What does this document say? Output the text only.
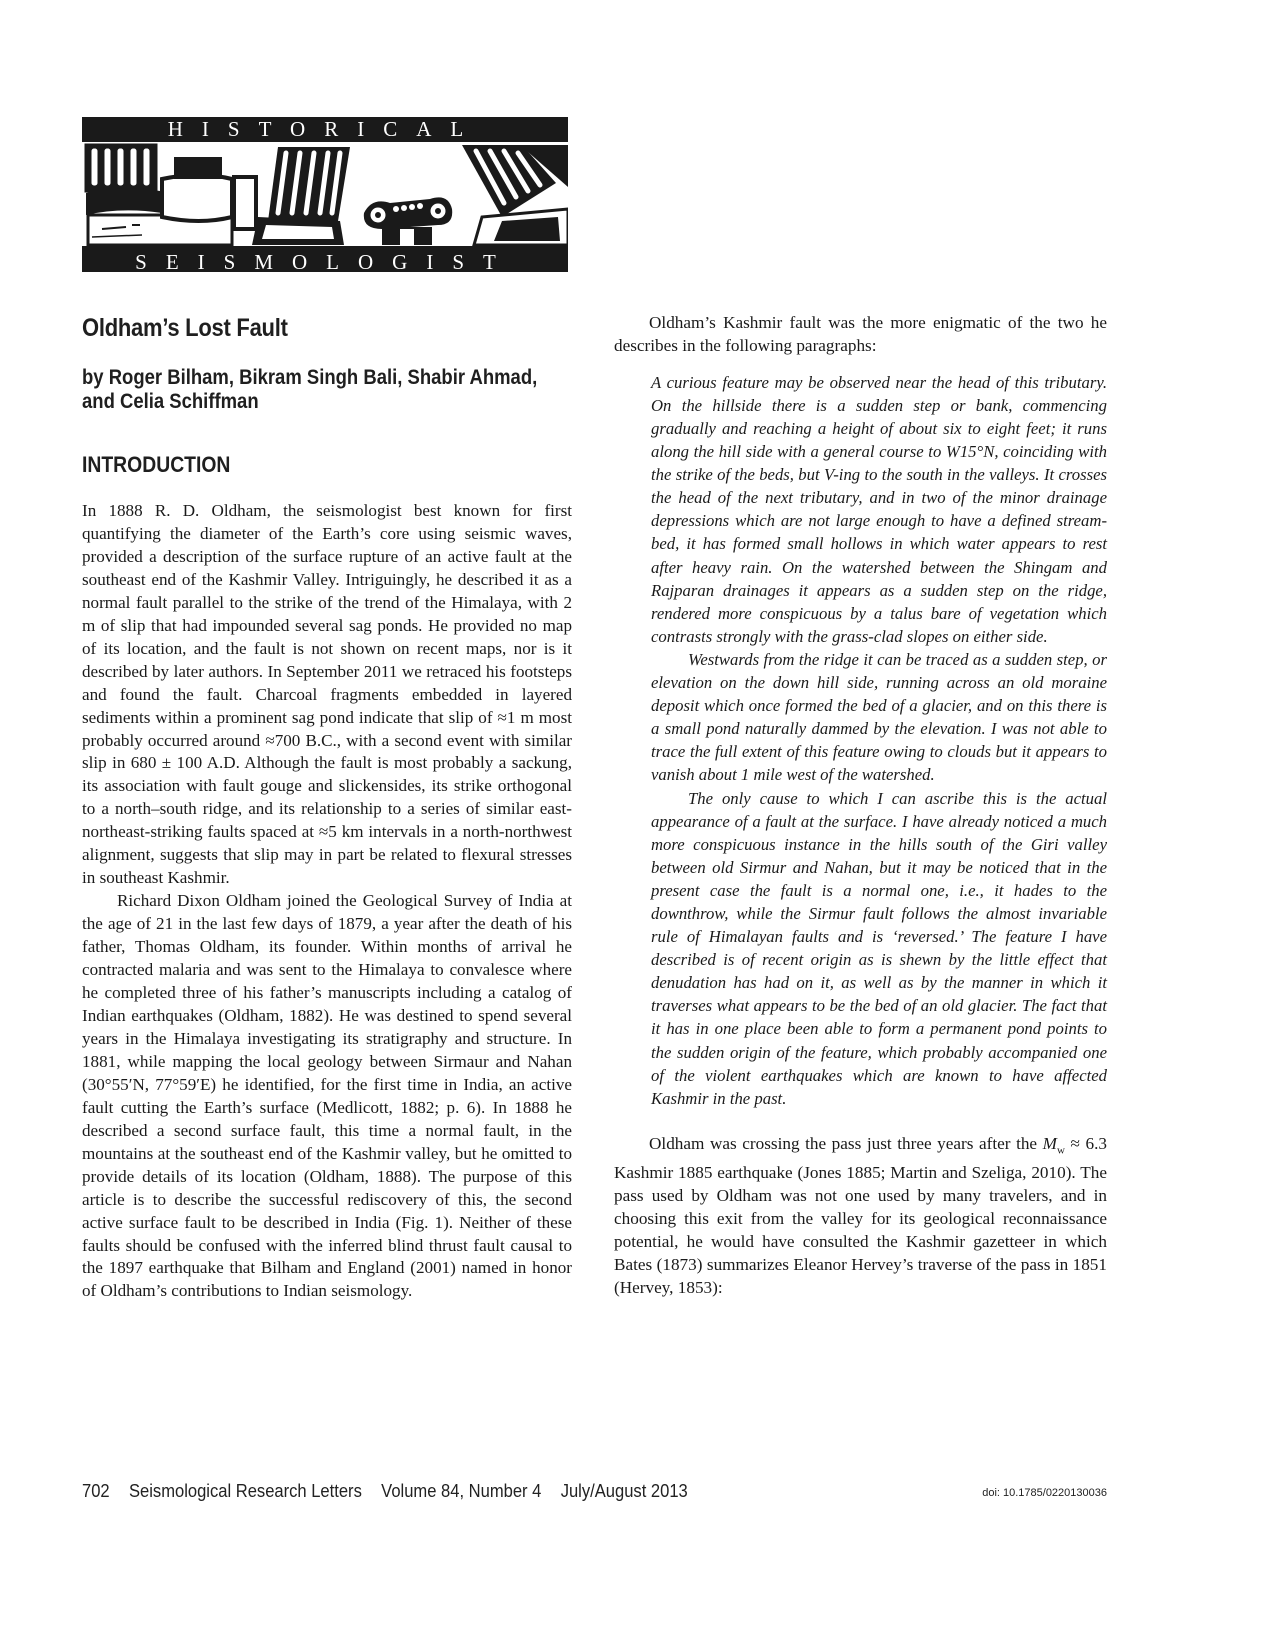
HISTORICAL
SEISMOLOGIST
Oldham’s Lost Fault
by Roger Bilham, Bikram Singh Bali, Shabir Ahmad, and Celia Schiffman
INTRODUCTION

In 1888 R. D. Oldham, the seismologist best known for first quantifying the diameter of the Earth’s core using seismic waves, provided a description of the surface rupture of an active fault at the southeast end of the Kashmir Valley. Intriguingly, he described it as a normal fault parallel to the strike of the trend of the Himalaya, with 2 m of slip that had impounded several sag ponds. He provided no map of its location, and the fault is not shown on recent maps, nor is it described by later authors. In September 2011 we retraced his footsteps and found the fault. Charcoal fragments embedded in layered sediments within a prominent sag pond indicate that slip of ≈1 m most probably occurred around ≈700 B.C., with a second event with similar slip in 680 ± 100 A.D. Although the fault is most probably a sackung, its association with fault gouge and slickensides, its strike orthogonal to a north–south ridge, and its relationship to a series of similar east-northeast-striking faults spaced at ≈5 km intervals in a north-northwest alignment, suggests that slip may in part be related to flexural stresses in southeast Kashmir.

Richard Dixon Oldham joined the Geological Survey of India at the age of 21 in the last few days of 1879, a year after the death of his father, Thomas Oldham, its founder. Within months of arrival he contracted malaria and was sent to the Himalaya to convalesce where he completed three of his father’s manuscripts including a catalog of Indian earthquakes (Oldham, 1882). He was destined to spend several years in the Himalaya investigating its stratigraphy and structure. In 1881, while mapping the local geology between Sirmaur and Nahan (30°55′N, 77°59′E) he identified, for the first time in India, an active fault cutting the Earth’s surface (Medlicott, 1882; p. 6). In 1888 he described a second surface fault, this time a normal fault, in the mountains at the southeast end of the Kashmir valley, but he omitted to provide details of its location (Oldham, 1888). The purpose of this article is to describe the successful rediscovery of this, the second active surface fault to be described in India (Fig. 1). Neither of these faults should be confused with the inferred blind thrust fault causal to the 1897 earthquake that Bilham and England (2001) named in honor of Oldham’s contributions to Indian seismology.

Oldham’s Kashmir fault was the more enigmatic of the two he describes in the following paragraphs:

A curious feature may be observed near the head of this tributary. On the hillside there is a sudden step or bank, commencing gradually and reaching a height of about six to eight feet; it runs along the hill side with a general course to W15°N, coinciding with the strike of the beds, but V-ing to the south in the valleys. It crosses the head of the next tributary, and in two of the minor drainage depressions which are not large enough to have a defined stream-bed, it has formed small hollows in which water appears to rest after heavy rain. On the watershed between the Shingam and Rajparan drainages it appears as a sudden step on the ridge, rendered more conspicuous by a talus bare of vegetation which contrasts strongly with the grass-clad slopes on either side.

Westwards from the ridge it can be traced as a sudden step, or elevation on the down hill side, running across an old moraine deposit which once formed the bed of a glacier, and on this there is a small pond naturally dammed by the elevation. I was not able to trace the full extent of this feature owing to clouds but it appears to vanish about 1 mile west of the watershed.

The only cause to which I can ascribe this is the actual appearance of a fault at the surface. I have already noticed a much more conspicuous instance in the hills south of the Giri valley between old Sirmur and Nahan, but it may be noticed that in the present case the fault is a normal one, i.e., it hades to the downthrow, while the Sirmur fault follows the almost invariable rule of Himalayan faults and is ‘reversed.’ The feature I have described is of recent origin as is shewn by the little effect that denudation has had on it, as well as by the manner in which it traverses what appears to be the bed of an old glacier. The fact that it has in one place been able to form a permanent pond points to the sudden origin of the feature, which probably accompanied one of the violent earthquakes which are known to have affected Kashmir in the past.

Oldham was crossing the pass just three years after the $M_w \approx 6.3$ Kashmir 1885 earthquake (Jones 1885; Martin and Szeliga, 2010). The pass used by Oldham was not one used by many travelers, and in choosing this exit from the valley for its geological reconnaissance potential, he would have consulted the Kashmir gazetteer in which Bates (1873) summarizes Eleanor Hervey’s traverse of the pass in 1851 (Hervey, 1853):

702 Seismological Research Letters Volume 84, Number 4 July/August 2013	doi: 10.1785/0220130036
